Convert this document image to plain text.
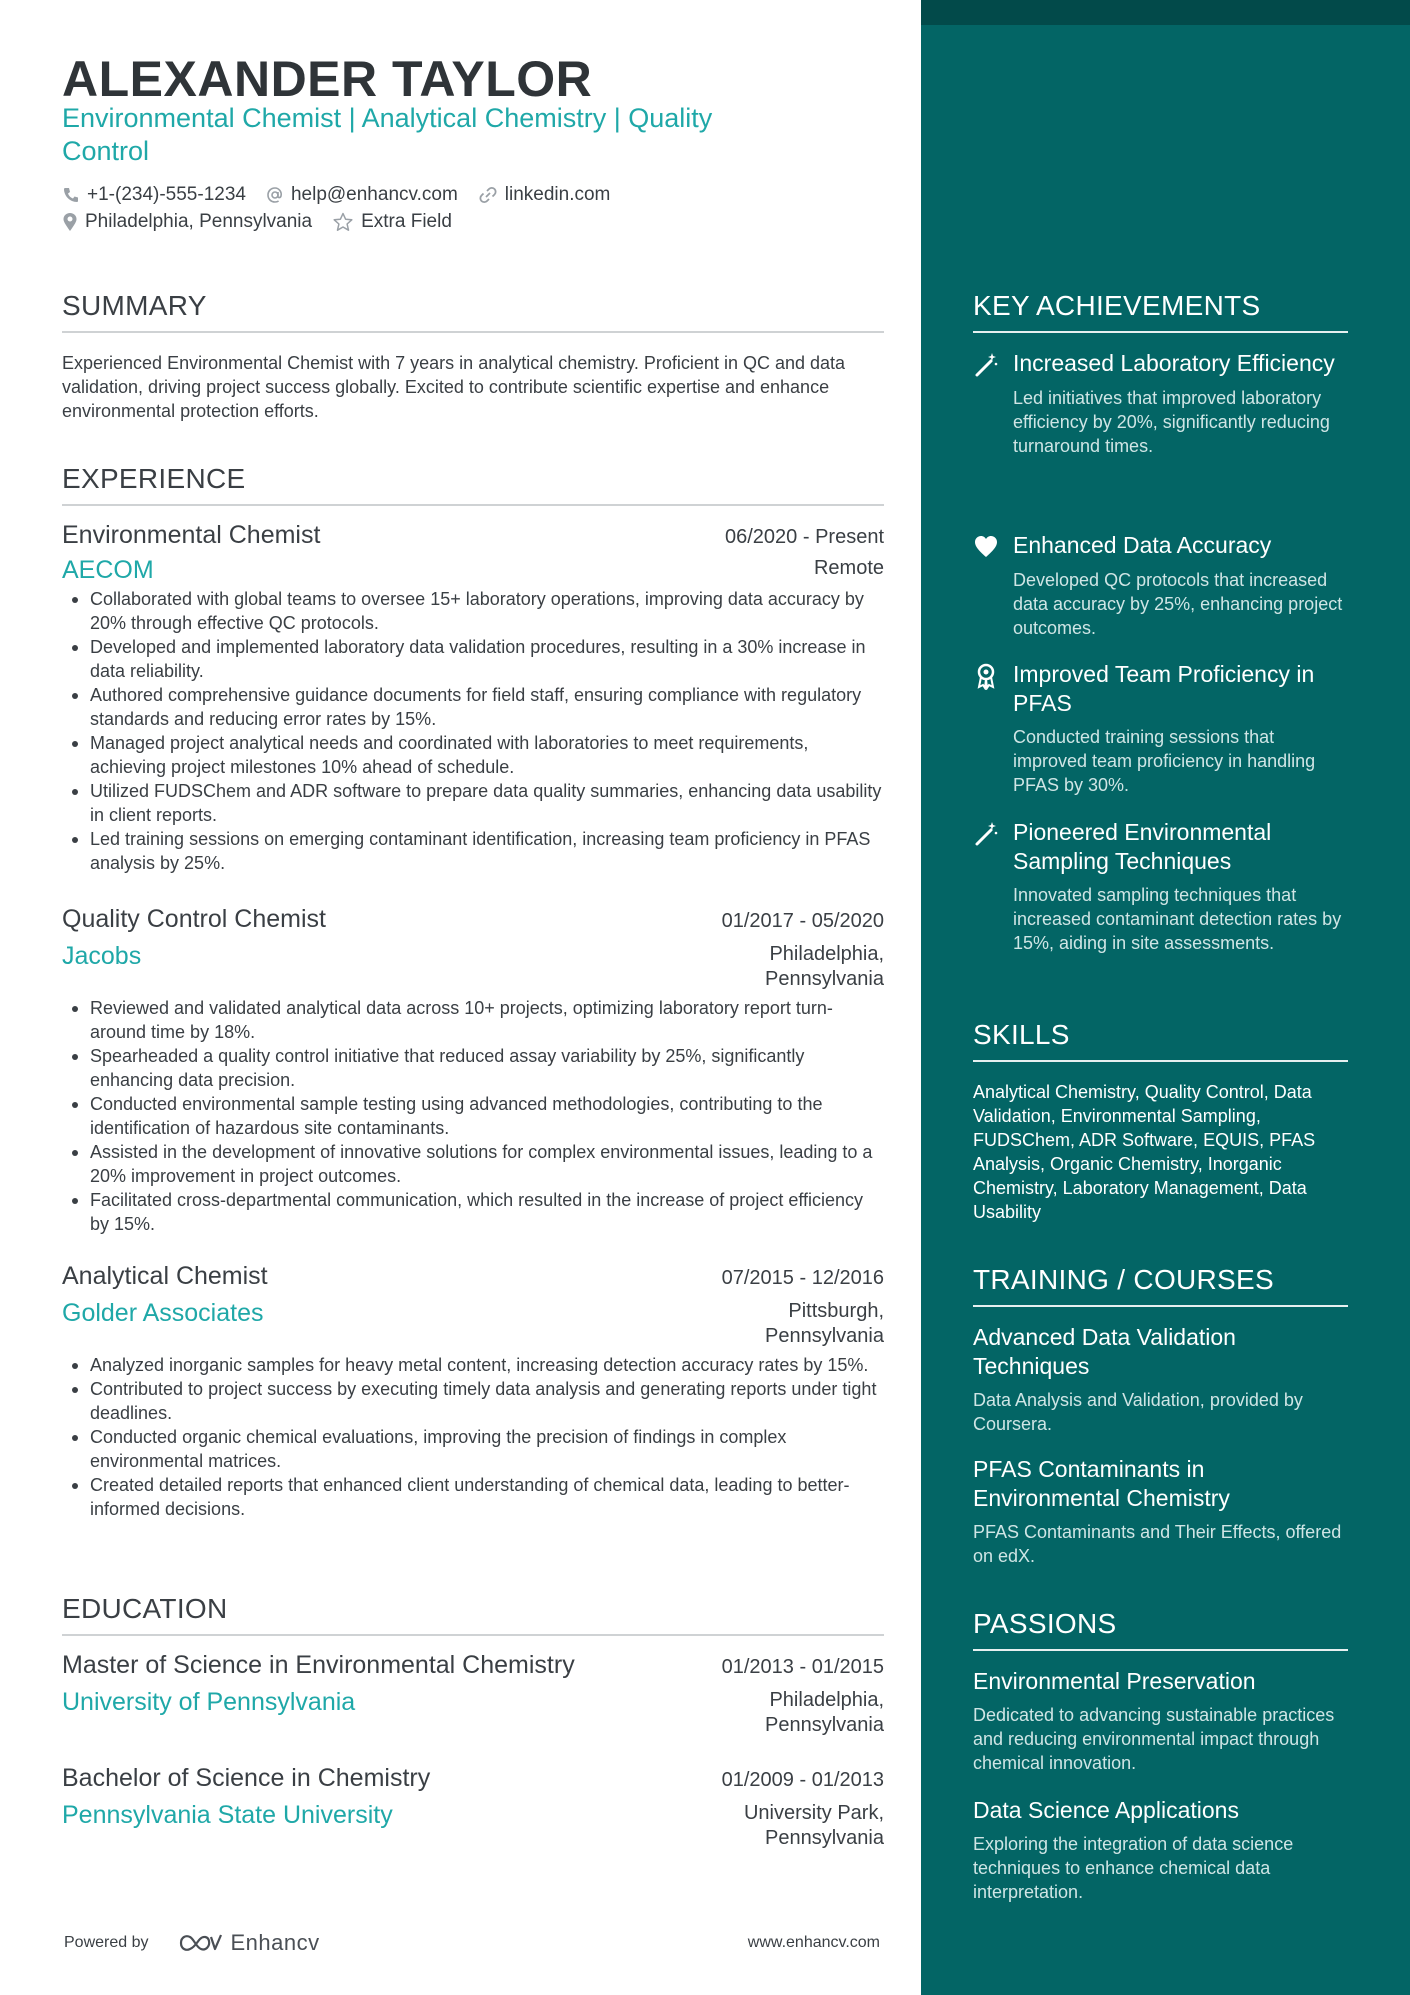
KEY ACHIEVEMENTS
Increased Laboratory Efficiency
Led initiatives that improved laboratory efficiency by 20%, significantly reducing turnaround times.
Enhanced Data Accuracy
Developed QC protocols that increased data accuracy by 25%, enhancing project outcomes.
Improved Team Proficiency in PFAS
Conducted training sessions that improved team proficiency in handling PFAS by 30%.
Pioneered Environmental Sampling Techniques
Innovated sampling techniques that increased contaminant detection rates by 15%, aiding in site assessments.
SKILLS
Analytical Chemistry, Quality Control, Data Validation, Environmental Sampling, FUDSChem, ADR Software, EQUIS, PFAS Analysis, Organic Chemistry, Inorganic Chemistry, Laboratory Management, Data Usability
TRAINING / COURSES
Advanced Data Validation Techniques
Data Analysis and Validation, provided by Coursera.
PFAS Contaminants in Environmental Chemistry
PFAS Contaminants and Their Effects, offered on edX.
PASSIONS
Environmental Preservation
Dedicated to advancing sustainable practices and reducing environmental impact through chemical innovation.
Data Science Applications
Exploring the integration of data science techniques to enhance chemical data interpretation.
ALEXANDER TAYLOR
Environmental Chemist | Analytical Chemistry | Quality Control
+1-(234)-555-1234 help@enhancv.com linkedin.com
Philadelphia, Pennsylvania	Extra Field
SUMMARY
Experienced Environmental Chemist with 7 years in analytical chemistry. Proficient in QC and data validation, driving project success globally. Excited to contribute scientific expertise and enhance environmental protection efforts.
EXPERIENCE
Environmental Chemist	06/2020 - Present
AECOM	Remote
Collaborated with global teams to oversee 15+ laboratory operations, improving data accuracy by 20% through effective QC protocols.
Developed and implemented laboratory data validation procedures, resulting in a 30% increase in data reliability.
Authored comprehensive guidance documents for field staff, ensuring compliance with regulatory standards and reducing error rates by 15%.
Managed project analytical needs and coordinated with laboratories to meet requirements, achieving project milestones 10% ahead of schedule.
Utilized FUDSChem and ADR software to prepare data quality summaries, enhancing data usability in client reports.
Led training sessions on emerging contaminant identification, increasing team proficiency in PFAS analysis by 25%.
Quality Control Chemist	01/2017 - 05/2020
Jacobs	Philadelphia,
Pennsylvania
Reviewed and validated analytical data across 10+ projects, optimizing laboratory report turn-around time by 18%.
Spearheaded a quality control initiative that reduced assay variability by 25%, significantly enhancing data precision.
Conducted environmental sample testing using advanced methodologies, contributing to the identification of hazardous site contaminants.
Assisted in the development of innovative solutions for complex environmental issues, leading to a 20% improvement in project outcomes.
Facilitated cross-departmental communication, which resulted in the increase of project efficiency by 15%.
Analytical Chemist	07/2015 - 12/2016
Golder Associates	Pittsburgh,
Pennsylvania
Analyzed inorganic samples for heavy metal content, increasing detection accuracy rates by 15%.
Contributed to project success by executing timely data analysis and generating reports under tight deadlines.
Conducted organic chemical evaluations, improving the precision of findings in complex environmental matrices.
Created detailed reports that enhanced client understanding of chemical data, leading to better-informed decisions.
EDUCATION
Master of Science in Environmental Chemistry	01/2013 - 01/2015
University of Pennsylvania	Philadelphia,
Pennsylvania
Bachelor of Science in Chemistry	01/2009 - 01/2013
Pennsylvania State University	University Park,
Pennsylvania
Powered by	Enhancv	www.enhancv.com
